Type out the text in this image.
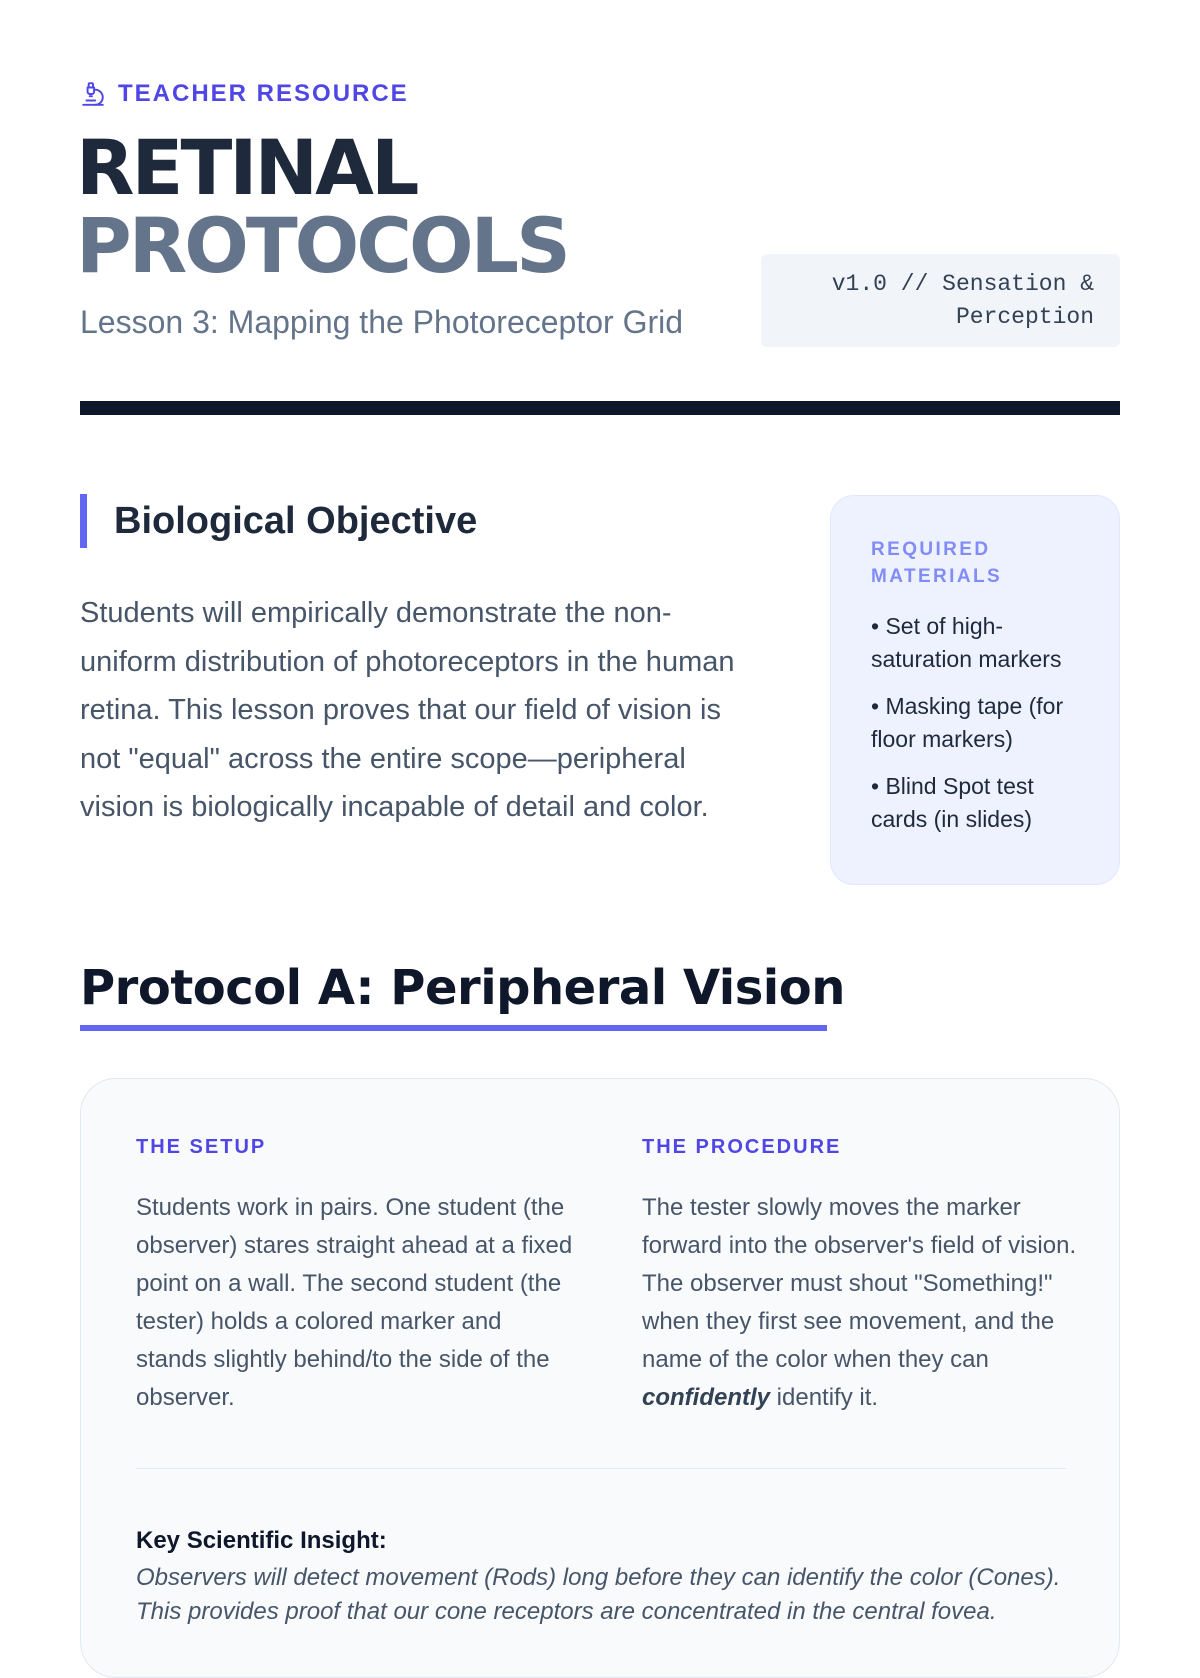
TEACHER RESOURCE
RETINAL
PROTOCOLS
Lesson 3: Mapping the Photoreceptor Grid
v1.0 // Sensation &
Perception
Biological Objective

Students will empirically demonstrate the non-uniform distribution of photoreceptors in the human retina. This lesson proves that our field of vision is not "equal" across the entire scope—peripheral vision is biologically incapable of detail and color.

REQUIRED MATERIALS
• Set of high-saturation markers
• Masking tape (for floor markers)
• Blind Spot test cards (in slides)
Protocol A: Peripheral Vision
THE SETUP

Students work in pairs. One student (the observer) stares straight ahead at a fixed point on a wall. The second student (the tester) holds a colored marker and stands slightly behind/to the side of the observer.

THE PROCEDURE

The tester slowly moves the marker forward into the observer's field of vision. The observer must shout "Something!" when they first see movement, and the name of the color when they can confidently identify it.

Key Scientific Insight:

Observers will detect movement (Rods) long before they can identify the color (Cones). This provides proof that our cone receptors are concentrated in the central fovea.
